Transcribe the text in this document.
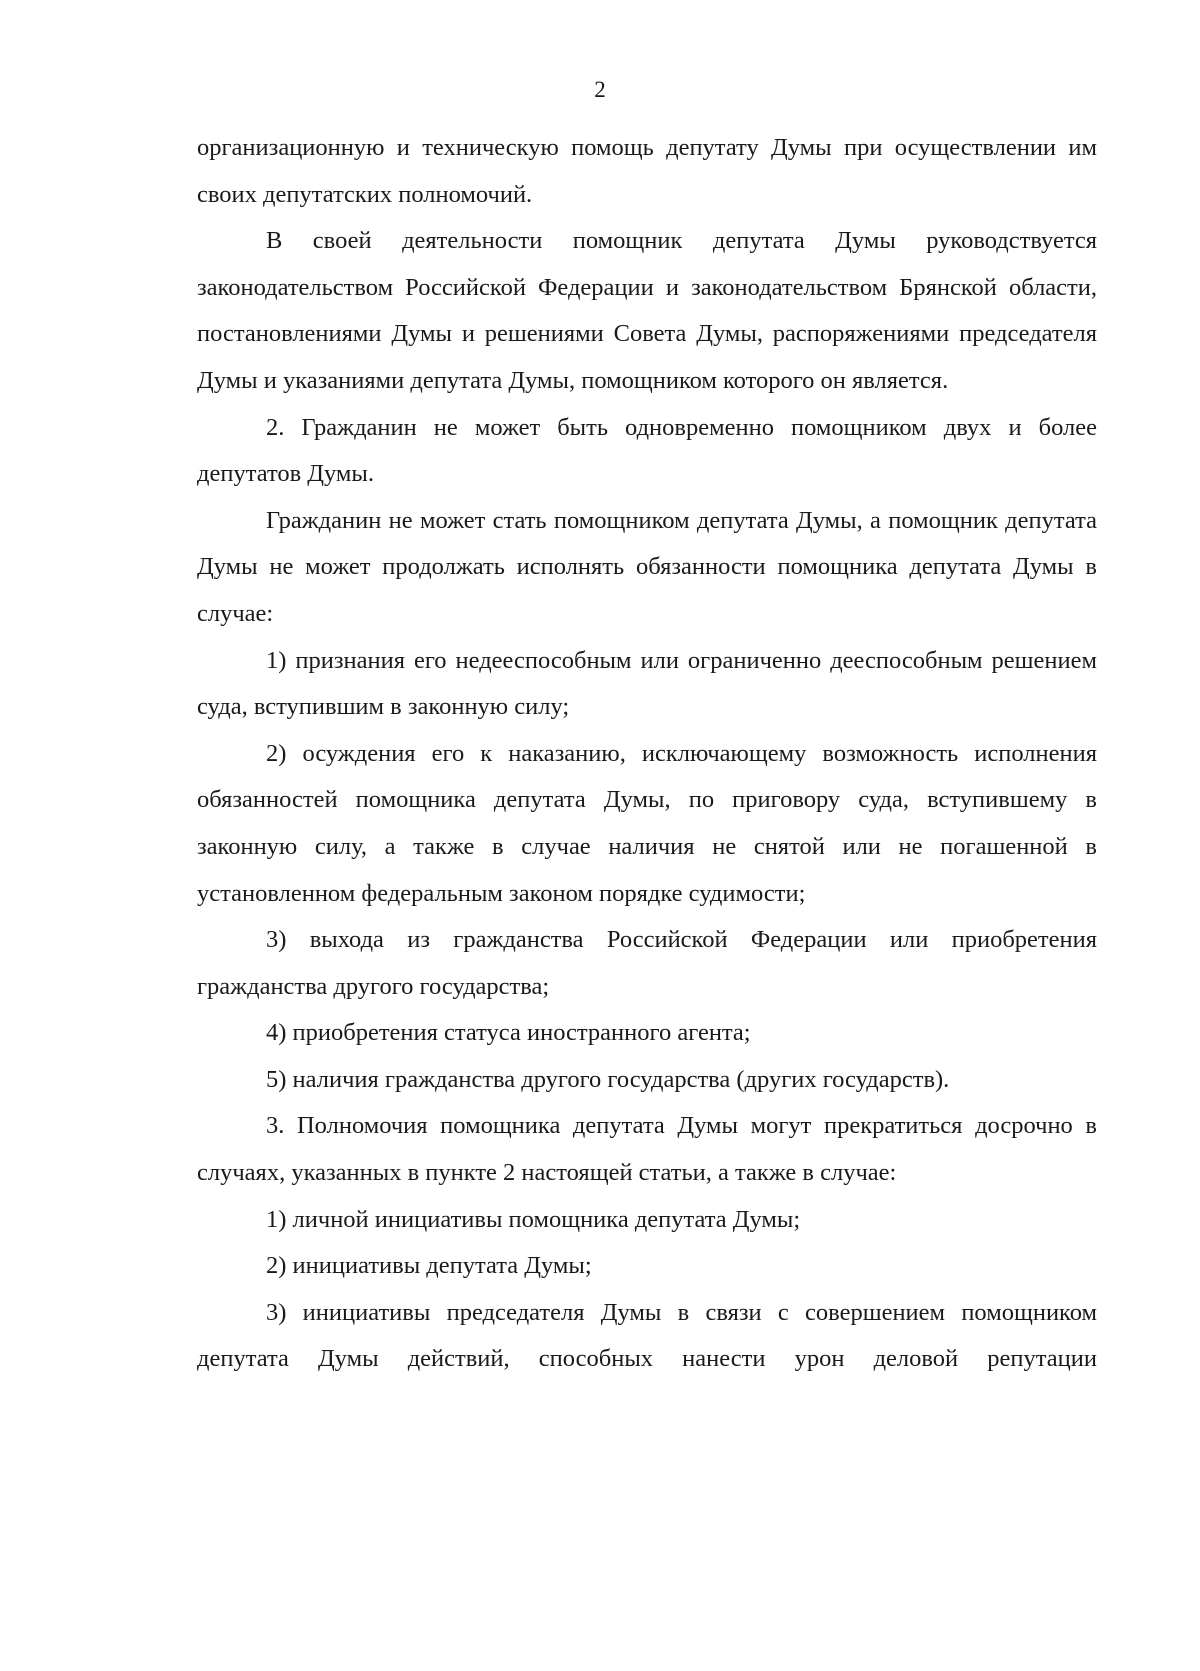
2

организационную и техническую помощь депутату Думы при осуществлении им своих депутатских полномочий.

В своей деятельности помощник депутата Думы руководствуется законодательством Российской Федерации и законодательством Брянской области, постановлениями Думы и решениями Совета Думы, распоряжениями председателя Думы и указаниями депутата Думы, помощником которого он является.

2. Гражданин не может быть одновременно помощником двух и более депутатов Думы.

Гражданин не может стать помощником депутата Думы, а помощник депутата Думы не может продолжать исполнять обязанности помощника депутата Думы в случае:

1) признания его недееспособным или ограниченно дееспособным решением суда, вступившим в законную силу;

2) осуждения его к наказанию, исключающему возможность исполнения обязанностей помощника депутата Думы, по приговору суда, вступившему в законную силу, а также в случае наличия не снятой или не погашенной в установленном федеральным законом порядке судимости;

3) выхода из гражданства Российской Федерации или приобретения гражданства другого государства;

4) приобретения статуса иностранного агента;

5) наличия гражданства другого государства (других государств).

3. Полномочия помощника депутата Думы могут прекратиться досрочно в случаях, указанных в пункте 2 настоящей статьи, а также в случае:

1) личной инициативы помощника депутата Думы;

2) инициативы депутата Думы;

3) инициативы председателя Думы в связи с совершением помощником депутата Думы действий, способных нанести урон деловой репутации
